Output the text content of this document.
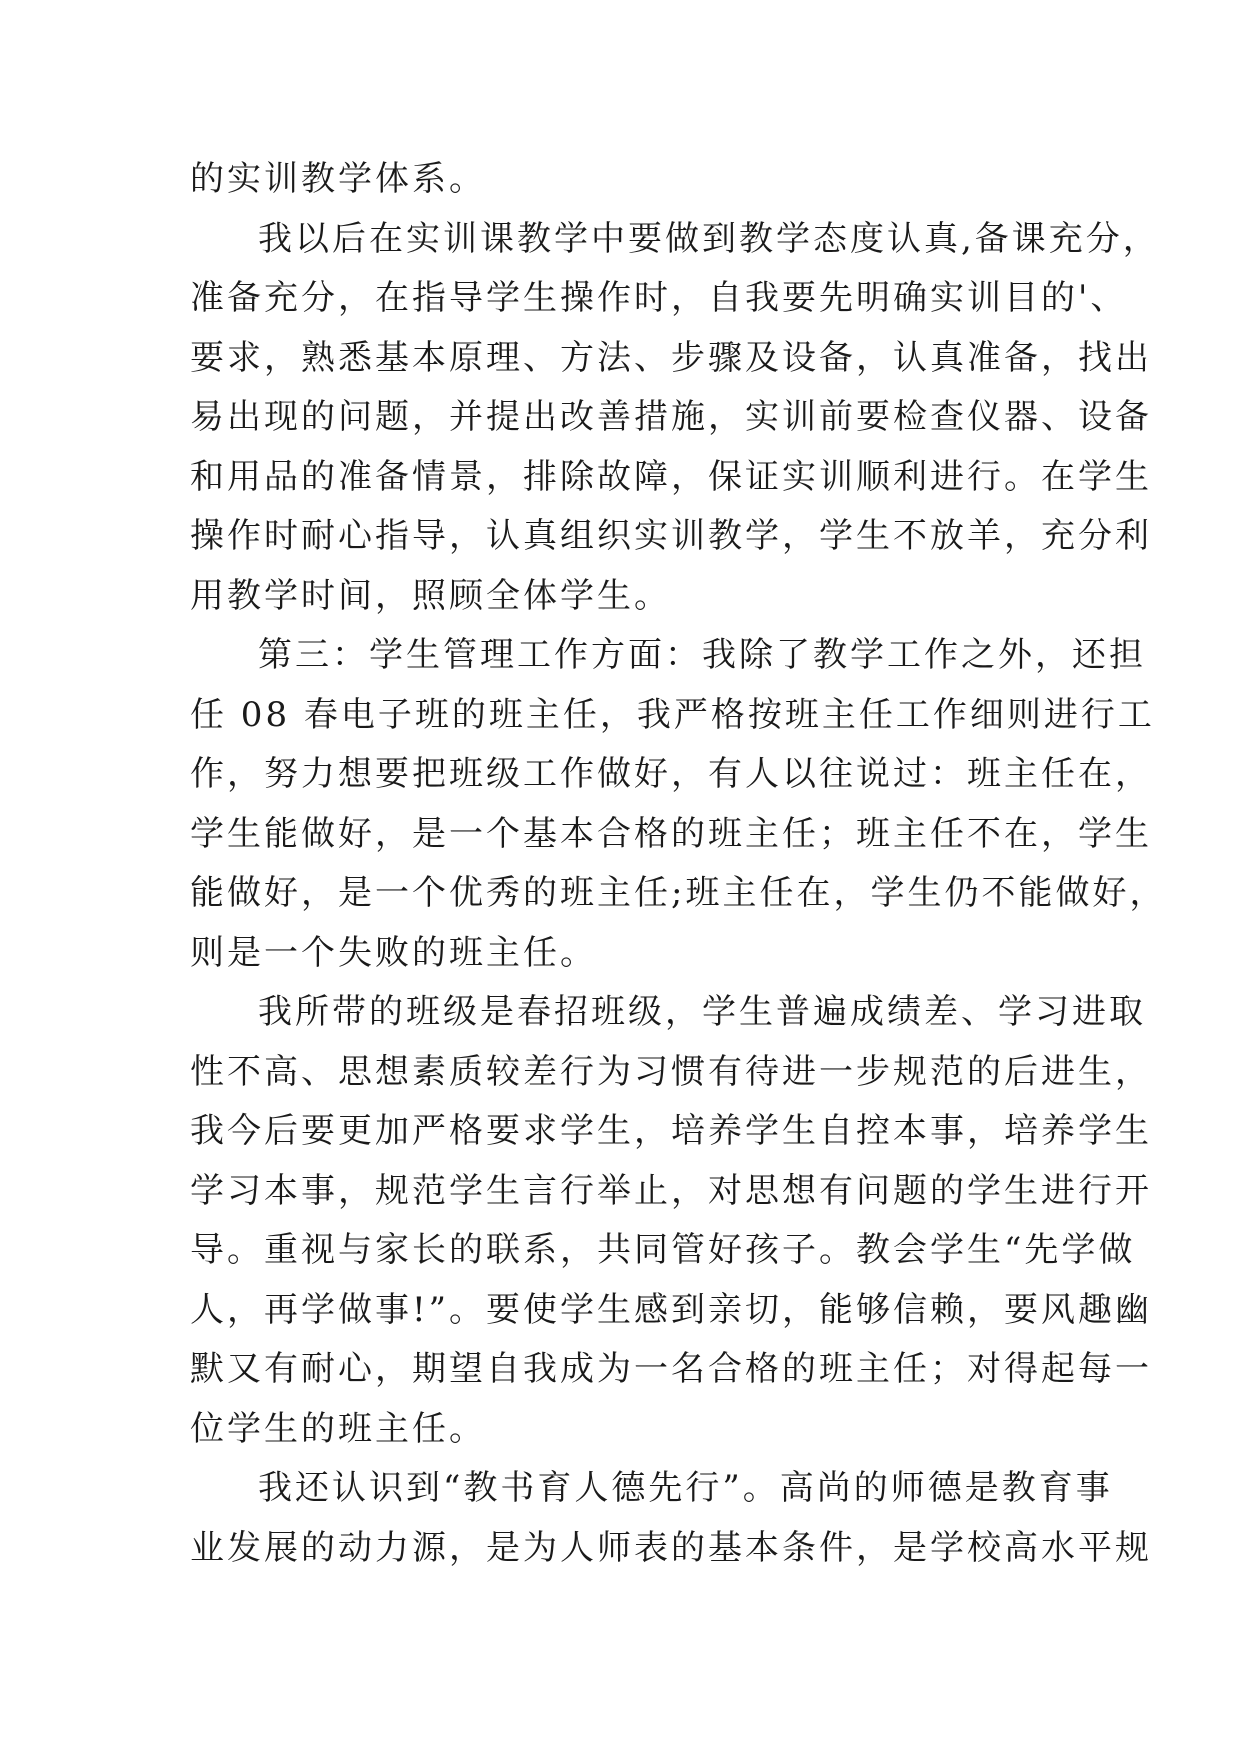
的实训教学体系。
我以后在实训课教学中要做到教学态度认真,备课充分，
准备充分，在指导学生操作时，自我要先明确实训目的'、
要求，熟悉基本原理、方法、步骤及设备，认真准备，找出
易出现的问题，并提出改善措施，实训前要检查仪器、设备
和用品的准备情景，排除故障，保证实训顺利进行。在学生
操作时耐心指导，认真组织实训教学，学生不放羊，充分利
用教学时间，照顾全体学生。
第三：学生管理工作方面：我除了教学工作之外，还担
任 08 春电子班的班主任，我严格按班主任工作细则进行工
作，努力想要把班级工作做好，有人以往说过：班主任在，
学生能做好，是一个基本合格的班主任；班主任不在，学生
能做好，是一个优秀的班主任;班主任在，学生仍不能做好，
则是一个失败的班主任。
我所带的班级是春招班级，学生普遍成绩差、学习进取
性不高、思想素质较差行为习惯有待进一步规范的后进生，
我今后要更加严格要求学生，培养学生自控本事，培养学生
学习本事，规范学生言行举止，对思想有问题的学生进行开
导。重视与家长的联系，共同管好孩子。教会学生“先学做
人，再学做事!”。要使学生感到亲切，能够信赖，要风趣幽
默又有耐心，期望自我成为一名合格的班主任；对得起每一
位学生的班主任。
我还认识到“教书育人德先行”。高尚的师德是教育事
业发展的动力源，是为人师表的基本条件，是学校高水平规
